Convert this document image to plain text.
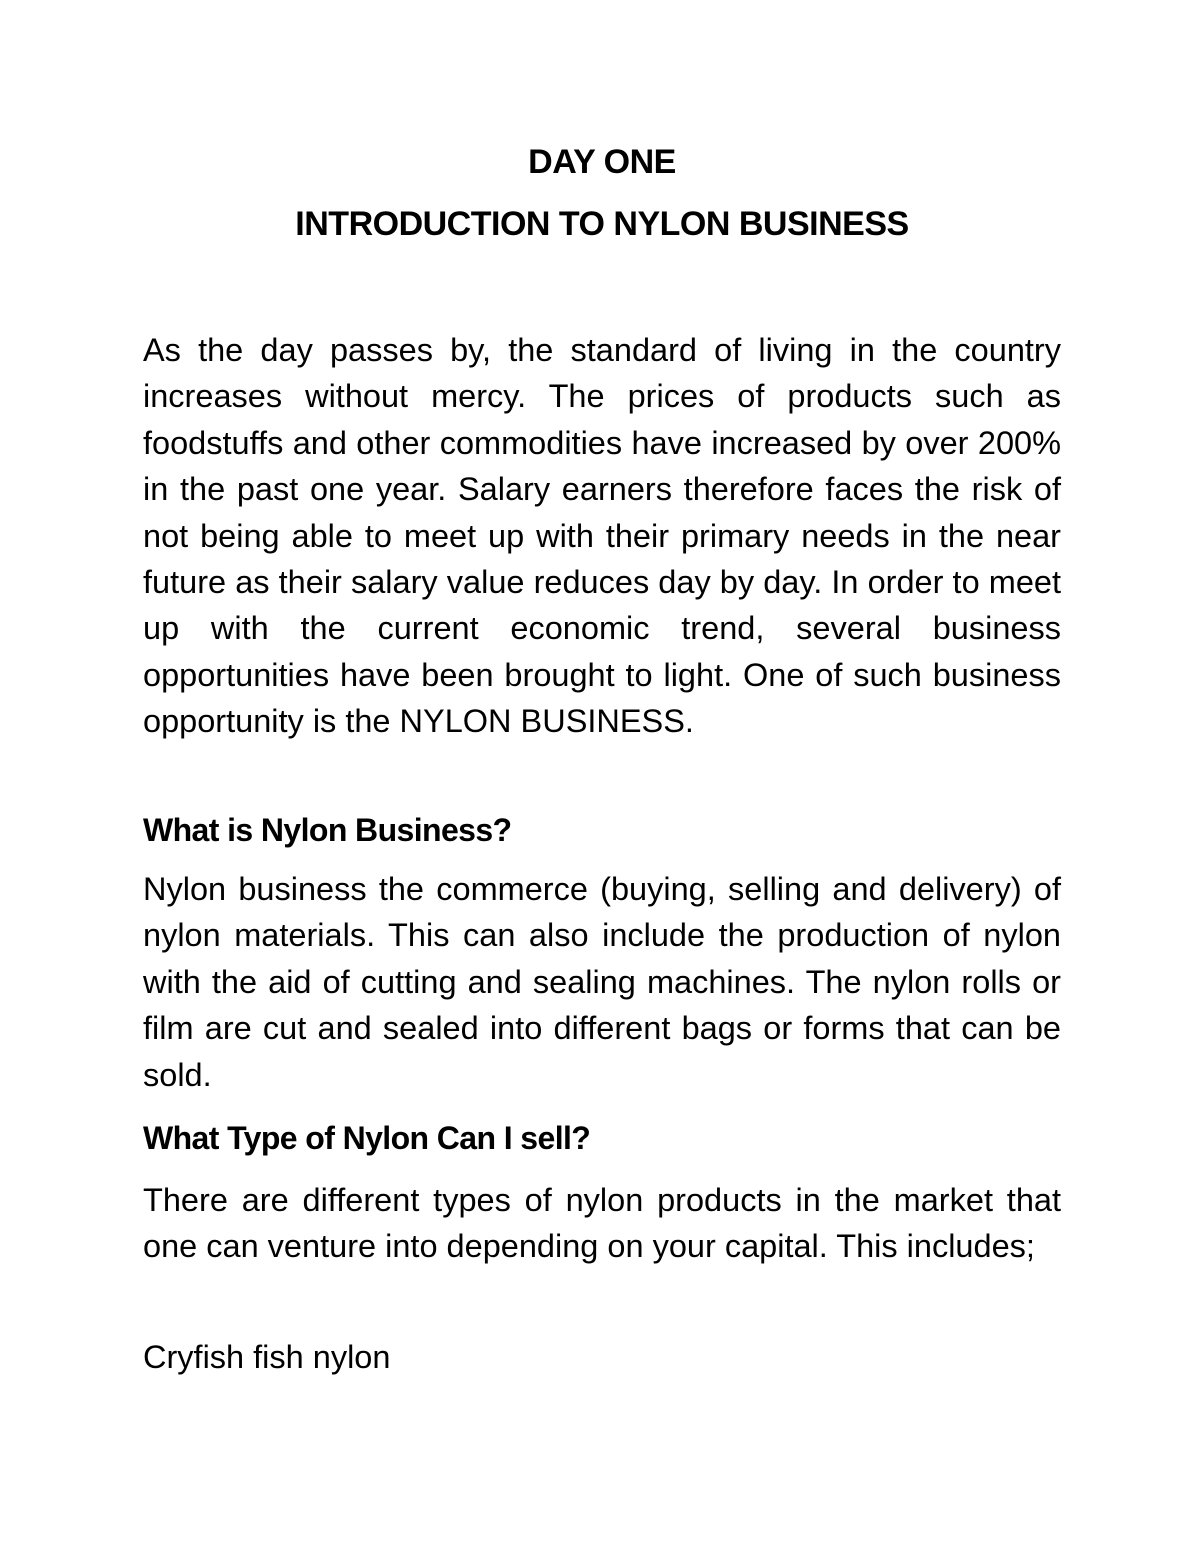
DAY ONE
INTRODUCTION TO NYLON BUSINESS

As the day passes by, the standard of living in the country increases without mercy. The prices of products such as foodstuffs and other commodities have increased by over 200% in the past one year. Salary earners therefore faces the risk of not being able to meet up with their primary needs in the near future as their salary value reduces day by day. In order to meet up with the current economic trend, several business opportunities have been brought to light. One of such business opportunity is the NYLON BUSINESS.

What is Nylon Business?

Nylon business the commerce (buying, selling and delivery) of nylon materials. This can also include the production of nylon with the aid of cutting and sealing machines. The nylon rolls or film are cut and sealed into different bags or forms that can be sold.

What Type of Nylon Can I sell?

There are different types of nylon products in the market that one can venture into depending on your capital. This includes;

Cryfish fish nylon
